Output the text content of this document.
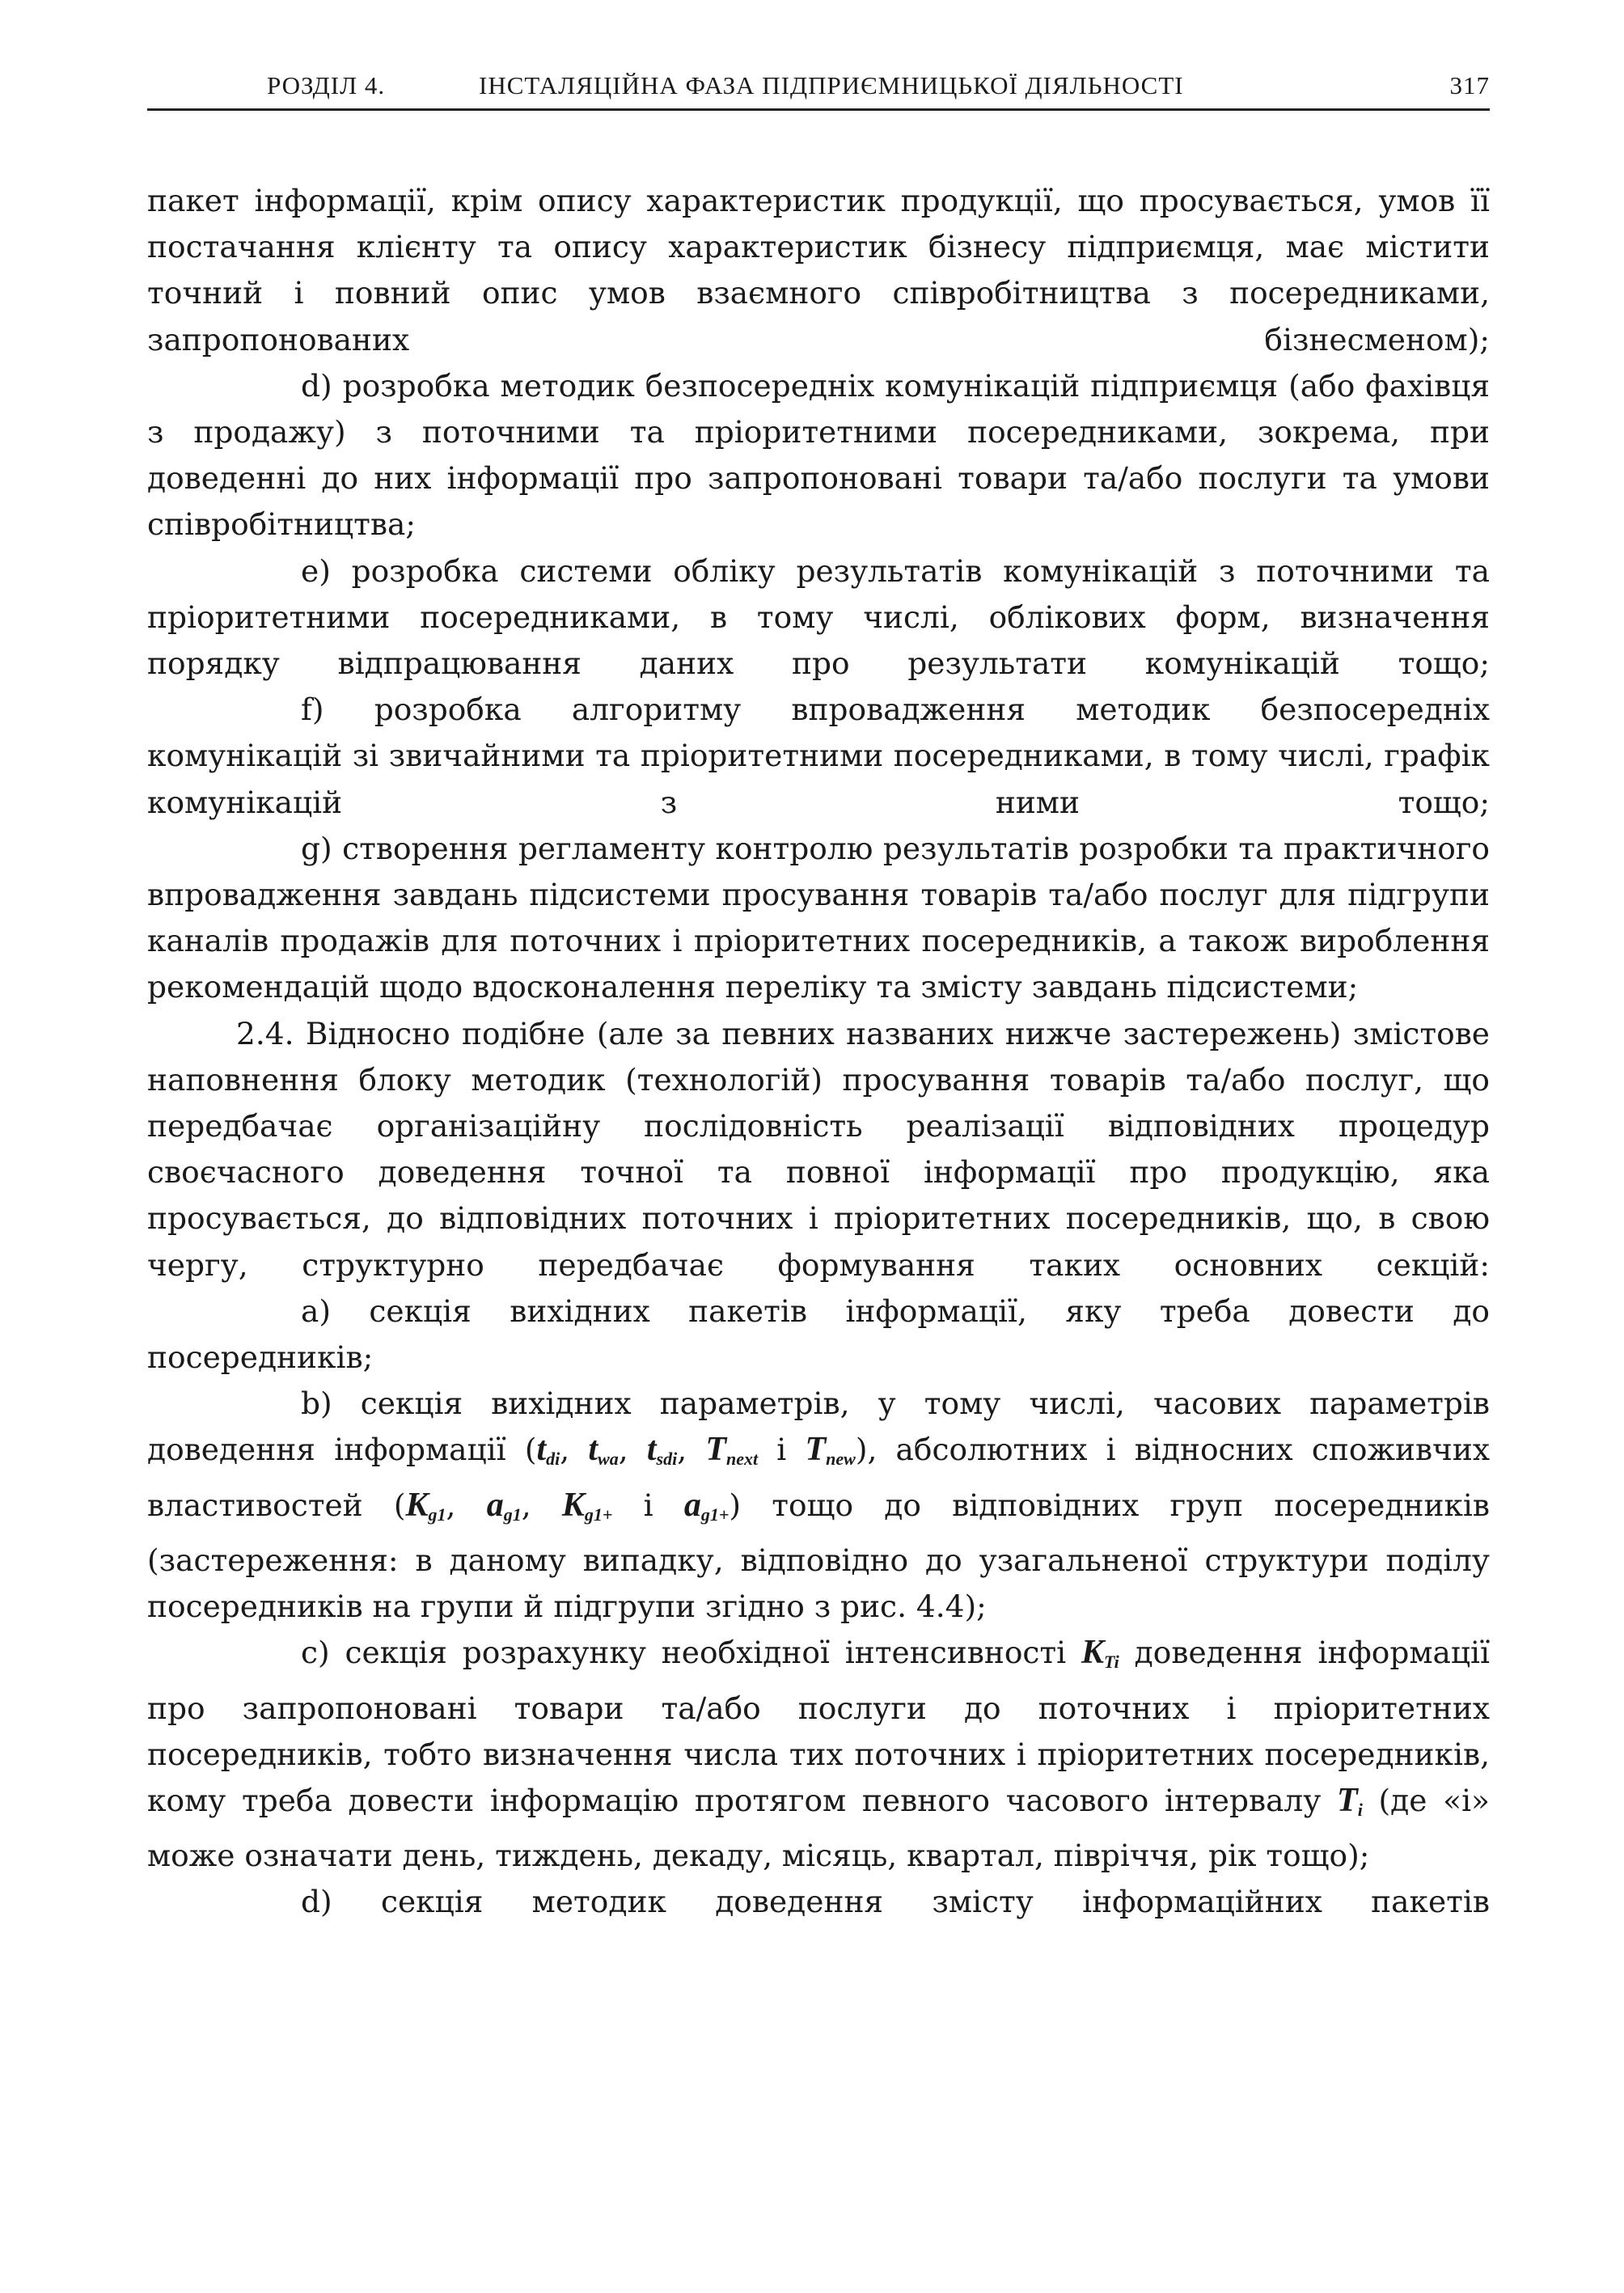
РОЗДІЛ 4.	ІНСТАЛЯЦІЙНА ФАЗА ПІДПРИЄМНИЦЬКОЇ ДІЯЛЬНОСТІ	317

пакет інформації, крім опису характеристик продукції, що просувається, умов її постачання клієнту та опису характеристик бізнесу підприємця, має містити точний і повний опис умов взаємного співробітництва з посередниками, запропонованих бізнесменом);

d) розробка методик безпосередніх комунікацій підприємця (або фахівця з продажу) з поточними та пріоритетними посередниками, зокрема, при доведенні до них інформації про запропоновані товари та/або послуги та умови співробітництва;

e) розробка системи обліку результатів комунікацій з поточними та пріоритетними посередниками, в тому числі, облікових форм, визначення порядку відпрацювання даних про результати комунікацій тощо;

f) розробка алгоритму впровадження методик безпосередніх комунікацій зі звичайними та пріоритетними посередниками, в тому числі, графік комунікацій з ними тощо;

g) створення регламенту контролю результатів розробки та практичного впровадження завдань підсистеми просування товарів та/або послуг для підгрупи каналів продажів для поточних і пріоритетних посередників, а також вироблення рекомендацій щодо вдосконалення переліку та змісту завдань підсистеми;

2.4. Відносно подібне (але за певних названих нижче застережень) змістове наповнення блоку методик (технологій) просування товарів та/або послуг, що передбачає організаційну послідовність реалізації відповідних процедур своєчасного доведення точної та повної інформації про продукцію, яка просувається, до відповідних поточних і пріоритетних посередників, що, в свою чергу, структурно передбачає формування таких основних секцій:

a) секція вихідних пакетів інформації, яку треба довести до посередників;

b) секція вихідних параметрів, у тому числі, часових параметрів доведення інформації ($t_{di}$, $t_{wa}$, $t_{sdi}$, $T_{next}$ і $T_{new}$), абсолютних і відносних споживчих властивостей ($K_{g1}$, $a_{g1}$, $K_{g1+}$ і $a_{g1+}$) тощо до відповідних груп посередників (застереження: в даному випадку, відповідно до узагальненої структури поділу посередників на групи й підгрупи згідно з рис. 4.4);

c) секція розрахунку необхідної інтенсивності $K_{Ti}$ доведення інформації про запропоновані товари та/або послуги до поточних і пріоритетних посередників, тобто визначення числа тих поточних і пріоритетних посередників, кому треба довести інформацію протягом певного часового інтервалу $T_i$ (де «і» може означати день, тиждень, декаду, місяць, квартал, півріччя, рік тощо);

d) секція методик доведення змісту інформаційних пакетів
